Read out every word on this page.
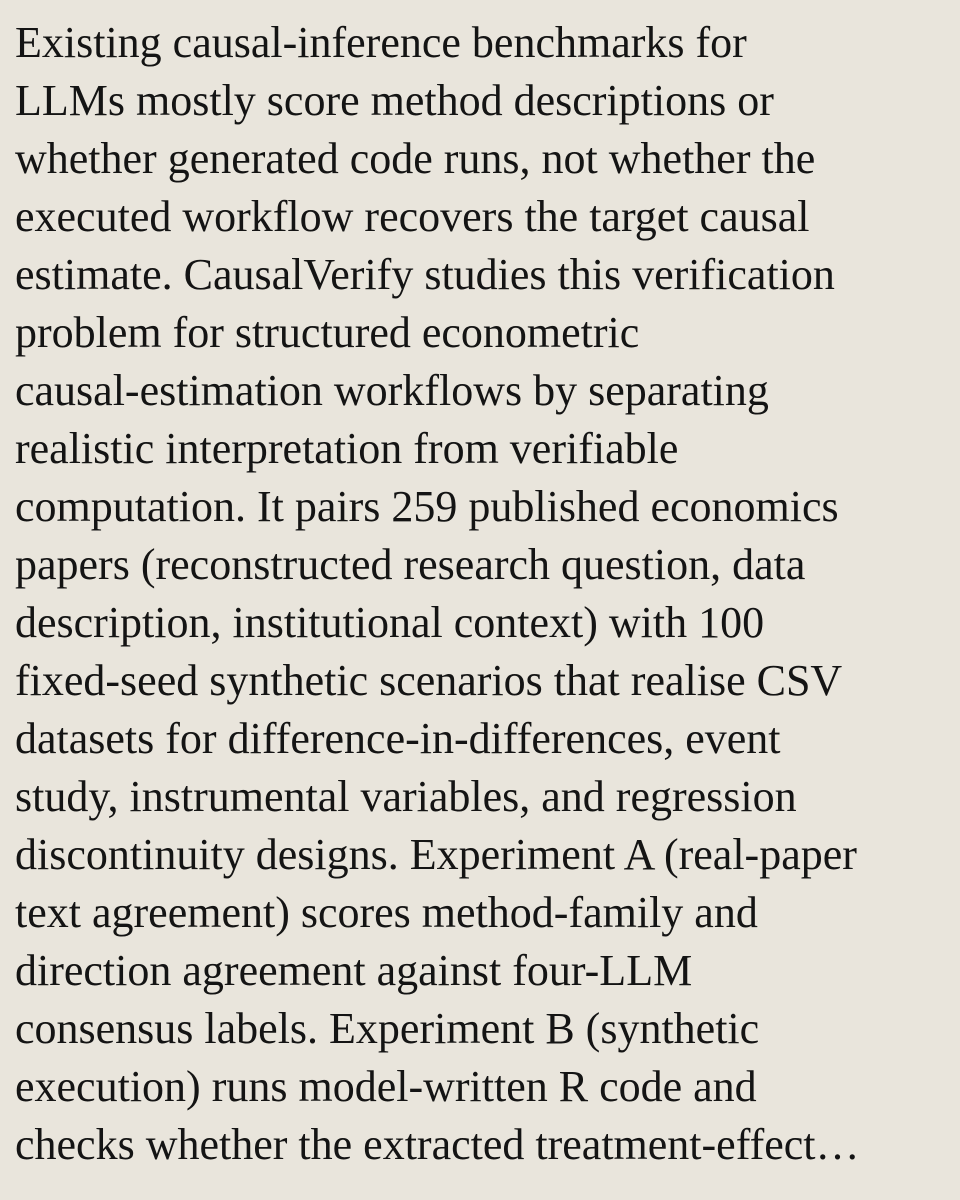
Existing causal-inference benchmarks for
LLMs mostly score method descriptions or
whether generated code runs, not whether the
executed workflow recovers the target causal
estimate. CausalVerify studies this verification
problem for structured econometric
causal-estimation workflows by separating
realistic interpretation from verifiable
computation. It pairs 259 published economics
papers (reconstructed research question, data
description, institutional context) with 100
fixed-seed synthetic scenarios that realise CSV
datasets for difference-in-differences, event
study, instrumental variables, and regression
discontinuity designs. Experiment A (real-paper
text agreement) scores method-family and
direction agreement against four-LLM
consensus labels. Experiment B (synthetic
execution) runs model-written R code and
checks whether the extracted treatment-effect…
